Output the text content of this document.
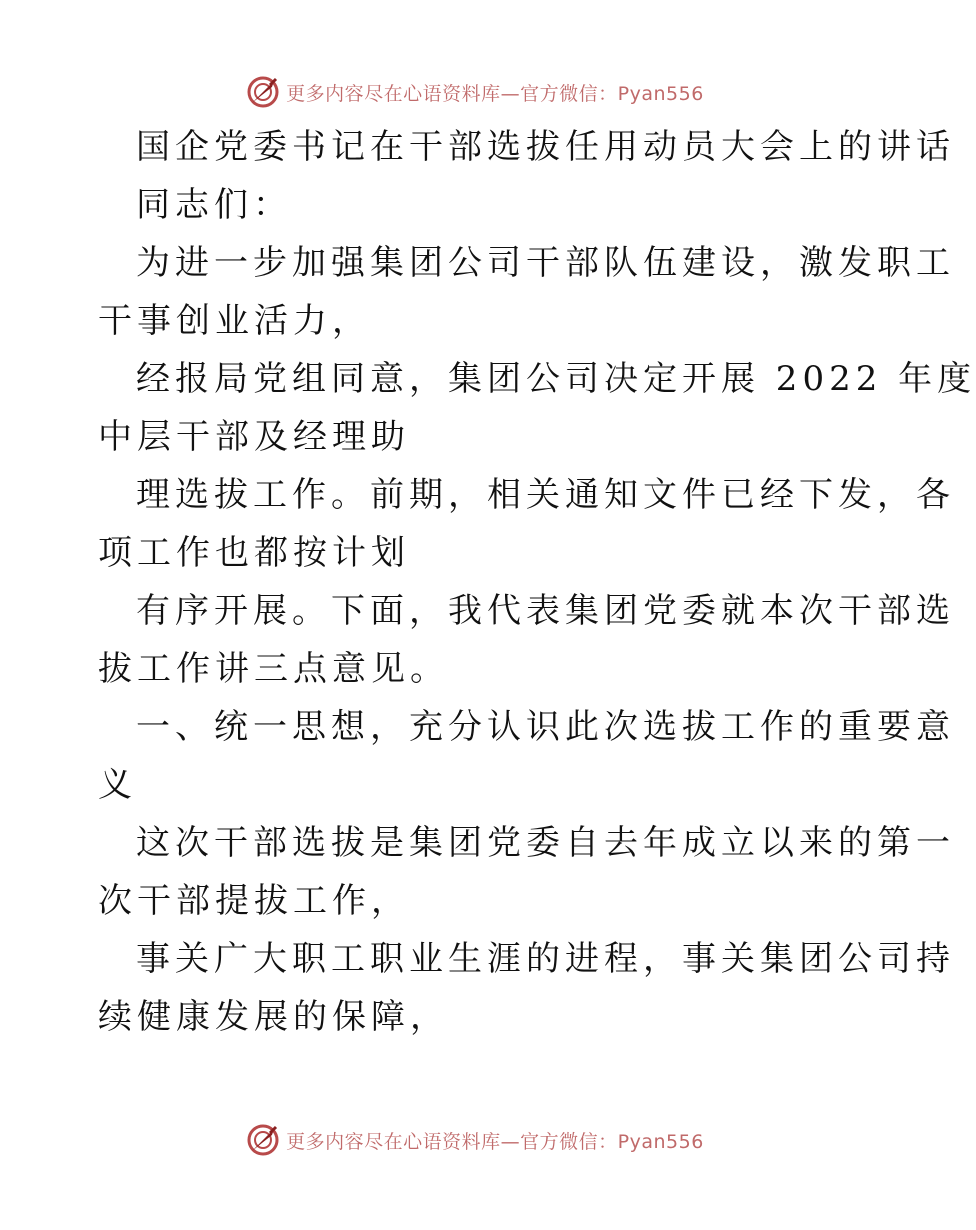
更多内容尽在心语资料库—官方微信：Pyan556
国企党委书记在干部选拔任用动员大会上的讲话
同志们：
为进一步加强集团公司干部队伍建设，激发职工
干事创业活力，
经报局党组同意，集团公司决定开展 2022 年度
中层干部及经理助
理选拔工作。前期，相关通知文件已经下发，各
项工作也都按计划
有序开展。下面，我代表集团党委就本次干部选
拔工作讲三点意见。
一、统一思想，充分认识此次选拔工作的重要意
义
这次干部选拔是集团党委自去年成立以来的第一
次干部提拔工作，
事关广大职工职业生涯的进程，事关集团公司持
续健康发展的保障，
更多内容尽在心语资料库—官方微信：Pyan556
